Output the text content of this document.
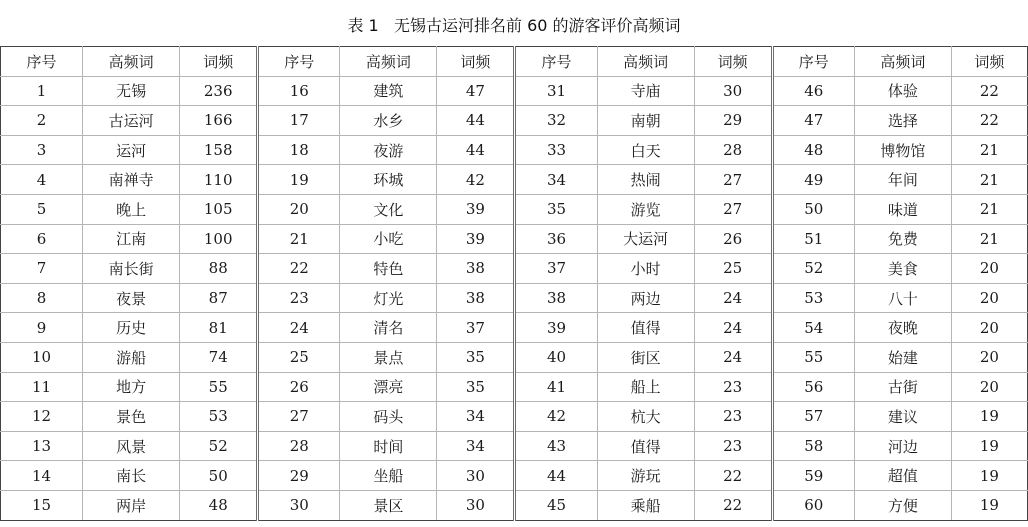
表 1   无锡古运河排名前 60 的游客评价高频词
序号	高频词	词频	序号	高频词	词频	序号	高频词	词频	序号	高频词	词频
1	无锡	236	16	建筑	47	31	寺庙	30	46	体验	22
2	古运河	166	17	水乡	44	32	南朝	29	47	选择	22
3	运河	158	18	夜游	44	33	白天	28	48	博物馆	21
4	南禅寺	110	19	环城	42	34	热闹	27	49	年间	21
5	晚上	105	20	文化	39	35	游览	27	50	味道	21
6	江南	100	21	小吃	39	36	大运河	26	51	免费	21
7	南长街	88	22	特色	38	37	小时	25	52	美食	20
8	夜景	87	23	灯光	38	38	两边	24	53	八十	20
9	历史	81	24	清名	37	39	值得	24	54	夜晚	20
10	游船	74	25	景点	35	40	街区	24	55	始建	20
11	地方	55	26	漂亮	35	41	船上	23	56	古街	20
12	景色	53	27	码头	34	42	杭大	23	57	建议	19
13	风景	52	28	时间	34	43	值得	23	58	河边	19
14	南长	50	29	坐船	30	44	游玩	22	59	超值	19
15	两岸	48	30	景区	30	45	乘船	22	60	方便	19
